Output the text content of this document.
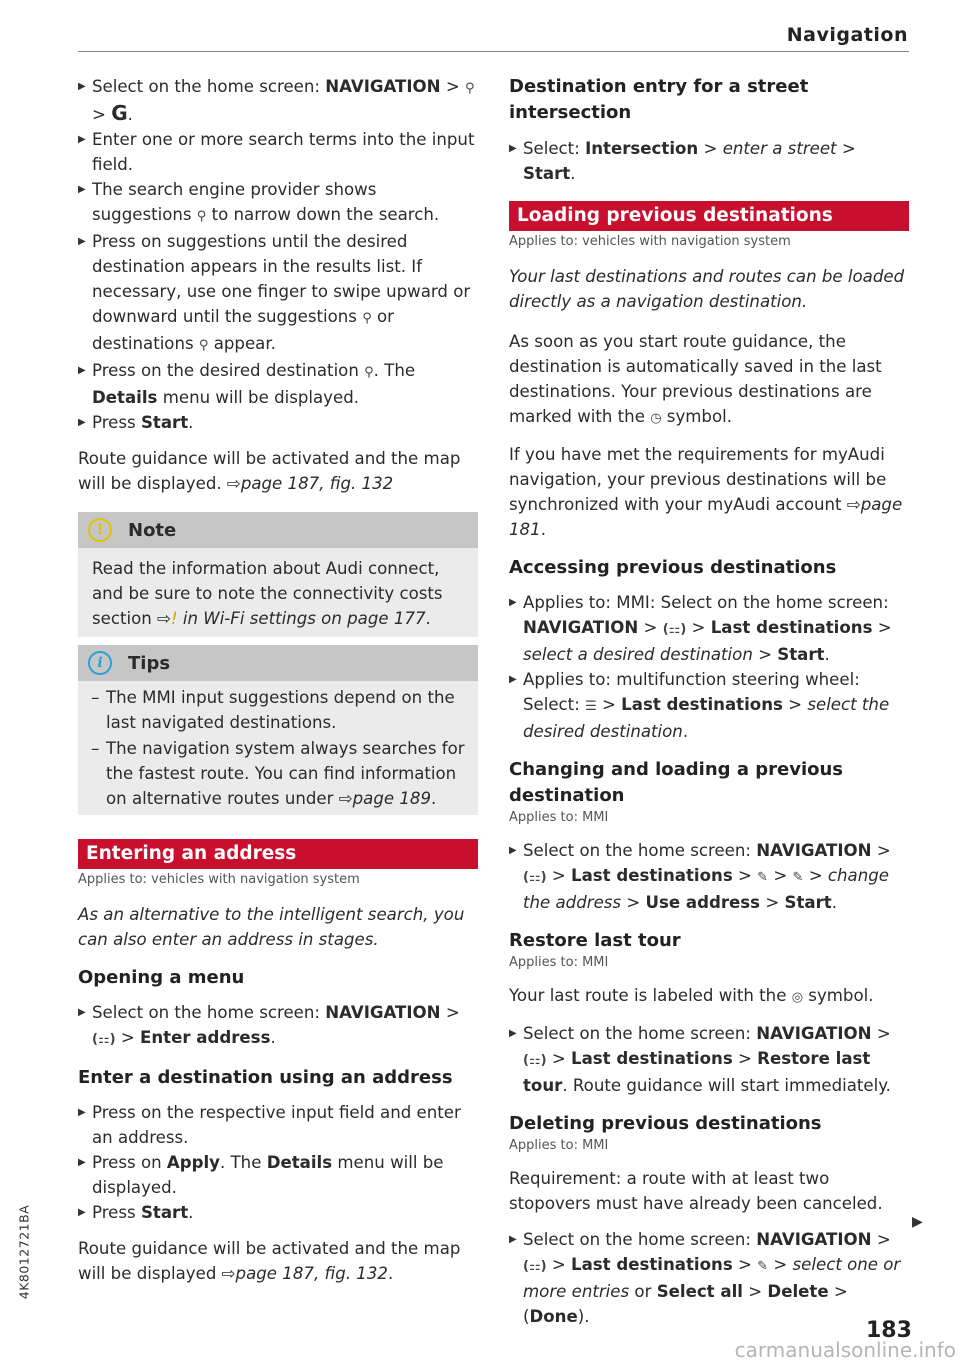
Navigation

▶ Select on the home screen: NAVIGATION > ⚲ > G.

▶ Enter one or more search terms into the input field.

▶ The search engine provider shows suggestions ⚲ to narrow down the search.

▶ Press on suggestions until the desired destination appears in the results list. If necessary, use one finger to swipe upward or downward until the suggestions ⚲ or destinations ⚲ appear.

▶ Press on the desired destination ⚲. The Details menu will be displayed.

▶ Press Start.

Route guidance will be activated and the map will be displayed. ⇨page 187, fig. 132

!	Note
Read the information about Audi connect, and be sure to note the connectivity costs section ⇨! in Wi-Fi settings on page 177.
i	Tips

– The MMI input suggestions depend on the last navigated destinations.

– The navigation system always searches for the fastest route. You can find information on alternative routes under ⇨page 189.

Entering an address

Applies to: vehicles with navigation system

As an alternative to the intelligent search, you can also enter an address in stages.

Opening a menu

▶ Select on the home screen: NAVIGATION > (⚏) > Enter address.

Enter a destination using an address

▶ Press on the respective input field and enter an address.

▶ Press on Apply. The Details menu will be displayed.

▶ Press Start.

Route guidance will be activated and the map will be displayed ⇨page 187, fig. 132.

Destination entry for a street intersection

▶ Select: Intersection > enter a street > Start.

Loading previous destinations

Applies to: vehicles with navigation system

Your last destinations and routes can be loaded directly as a navigation destination.

As soon as you start route guidance, the destination is automatically saved in the last destinations. Your previous destinations are marked with the ◷ symbol.

If you have met the requirements for myAudi navigation, your previous destinations will be synchronized with your myAudi account ⇨page 181.

Accessing previous destinations

▶ Applies to: MMI: Select on the home screen: NAVIGATION > (⚏) > Last destinations > select a desired destination > Start.

▶ Applies to: multifunction steering wheel: Select: ☰ > Last destinations > select the desired destination.

Changing and loading a previous destination

Applies to: MMI

▶ Select on the home screen: NAVIGATION > (⚏) > Last destinations > ✎ > ✎ > change the address > Use address > Start.

Restore last tour

Applies to: MMI

Your last route is labeled with the ◎ symbol.

▶ Select on the home screen: NAVIGATION > (⚏) > Last destinations > Restore last tour. Route guidance will start immediately.

Deleting previous destinations

Applies to: MMI

Requirement: a route with at least two stopovers must have already been canceled.

▶ Select on the home screen: NAVIGATION > (⚏) > Last destinations > ✎ > select one or more entries or Select all > Delete > (Done).

▶
4K8012721BA
183
carmanualsonline.info
